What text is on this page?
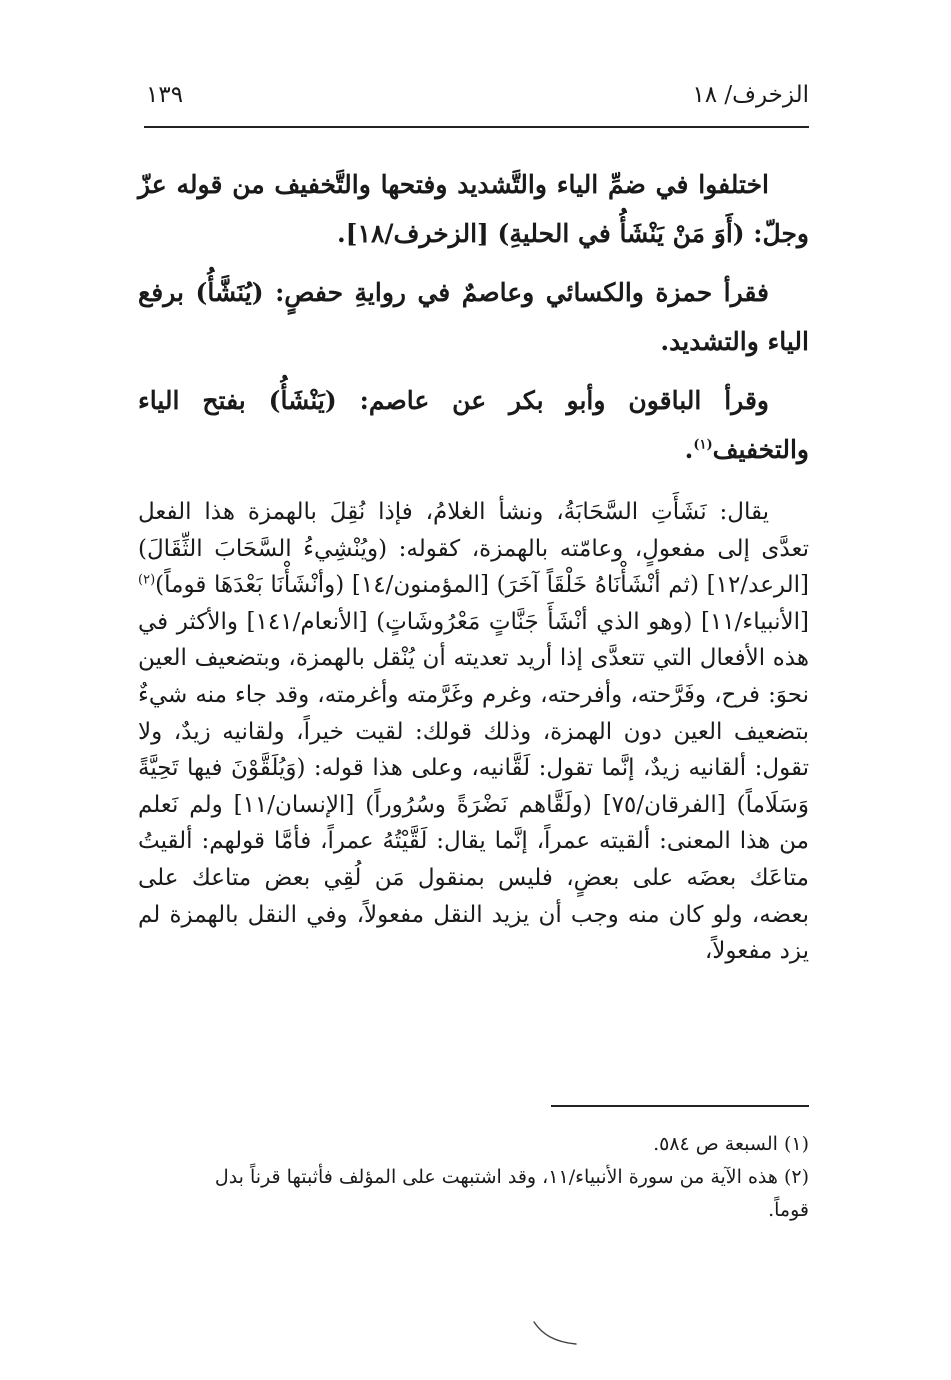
الزخرف/ ١٨
١٣٩

اختلفوا في ضمِّ الياء والتَّشديد وفتحها والتَّخفيف من قوله عزّ وجلّ: (أَوَ مَنْ يَنْشَأُ في الحليةِ) [الزخرف/١٨].

فقرأ حمزة والكسائي وعاصمٌ في روايةِ حفصٍ: (يُنَشَّأُ) برفع الياء والتشديد.

وقرأ الباقون وأبو بكر عن عاصم: (يَنْشَأُ) بفتح الياء والتخفيف$^{(١)}$.

يقال: نَشَأَتِ السَّحَابَةُ، ونشأ الغلامُ، فإذا نُقِلَ بالهمزة هذا الفعل تعدَّى إلى مفعولٍ، وعامّته بالهمزة، كقوله: (ويُنْشِيءُ السَّحَابَ الثِّقَالَ) [الرعد/١٢] (ثم أنْشَأْنَاهُ خَلْقَاً آخَرَ) [المؤمنون/١٤] (وأنْشَأْنَا بَعْدَهَا قوماً)$^{(٢)}$ [الأنبياء/١١] (وهو الذي أنْشَأَ جَنَّاتٍ مَعْرُوشَاتٍ) [الأنعام/١٤١] والأكثر في هذه الأفعال التي تتعدَّى إذا أريد تعديته أن يُنْقل بالهمزة، وبتضعيف العين نحوَ: فرح، وفَرَّحته، وأفرحته، وغرم وغَرَّمته وأغرمته، وقد جاء منه شيءٌ بتضعيف العين دون الهمزة، وذلك قولك: لقيت خيراً، ولقانيه زيدٌ، ولا تقول: ألقانيه زيدٌ، إنَّما تقول: لَقَّانيه، وعلى هذا قوله: (وَيُلَقَّوْنَ فيها تَحِيَّةً وَسَلَاماً) [الفرقان/٧٥] (ولَقَّاهم نَضْرَةً وسُرُوراً) [الإنسان/١١] ولم نَعلم من هذا المعنى: ألقيته عمراً، إنَّما يقال: لَقَّيْتُهُ عمراً، فأمَّا قولهم: ألقيتُ متاعَك بعضَه على بعضٍ، فليس بمنقول مَن لُقِي بعض متاعك على بعضه، ولو كان منه وجب أن يزيد النقل مفعولاً، وفي النقل بالهمزة لم يزد مفعولاً،

(١) السبعة ص ٥٨٤.

(٢) هذه الآية من سورة الأنبياء/١١، وقد اشتبهت على المؤلف فأثبتها قرناً بدل

قوماً.
